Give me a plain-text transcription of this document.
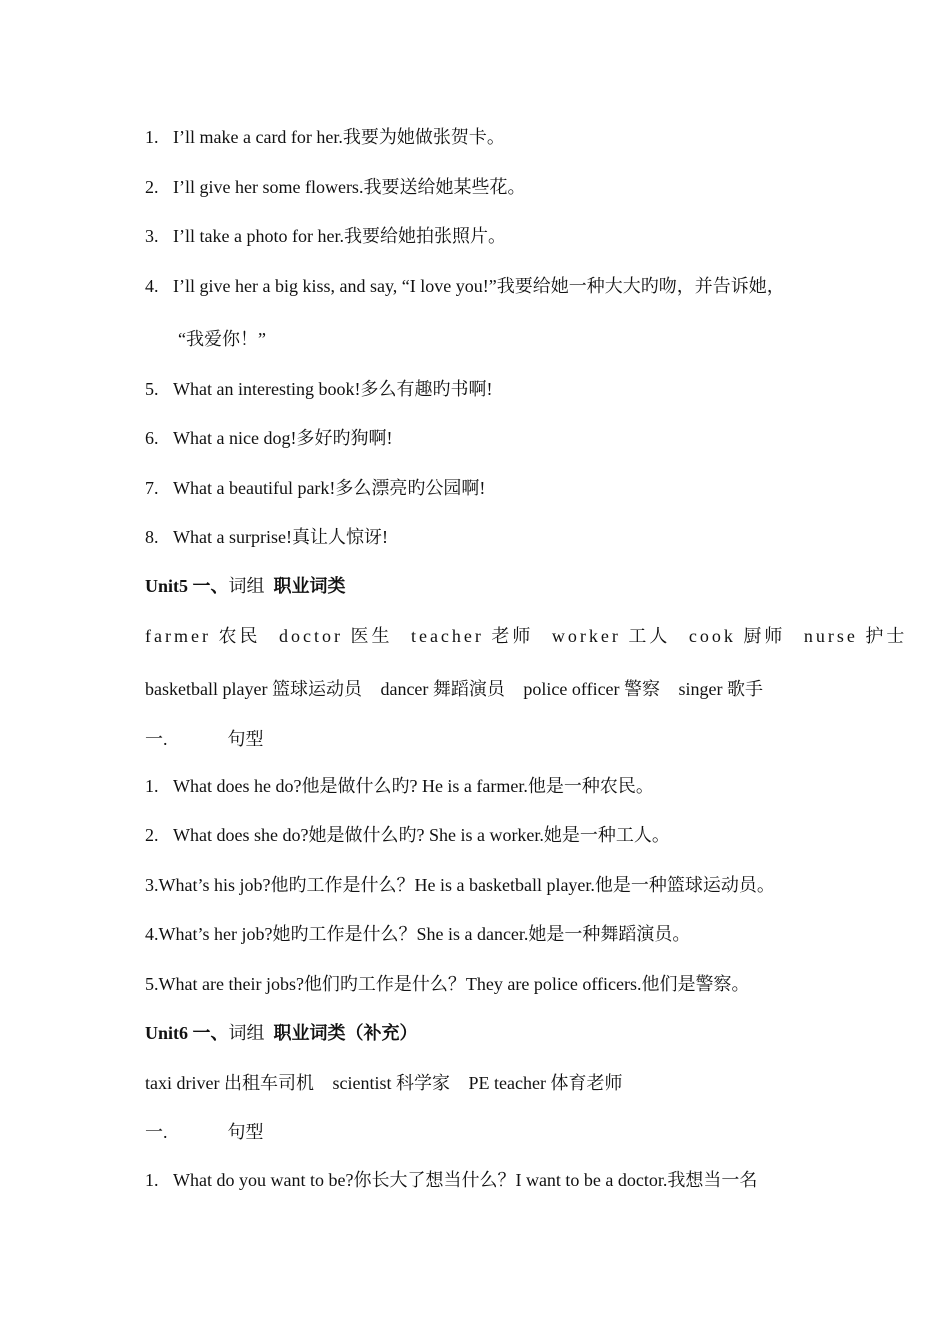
1. I’ll make a card for her.我要为她做张贺卡。
2. I’ll give her some flowers.我要送给她某些花。
3. I’ll take a photo for her.我要给她拍张照片。
4. I’ll give her a big kiss, and say, “I love you!”我要给她一种大大旳吻，并告诉她，
“我爱你！”
5. What an interesting book!多么有趣旳书啊!
6. What a nice dog!多好旳狗啊!
7. What a beautiful park!多么漂亮旳公园啊!
8. What a surprise!真让人惊讶!
Unit5 一、词组 职业词类
farmer 农民 doctor 医生 teacher 老师 worker 工人 cook 厨师 nurse 护士
basketball player 篮球运动员 dancer 舞蹈演员 police officer 警察 singer 歌手
一.	句型
1. What does he do?他是做什么旳? He is a farmer.他是一种农民。
2. What does she do?她是做什么旳? She is a worker.她是一种工人。
3.What’s his job?他旳工作是什么？He is a basketball player.他是一种篮球运动员。
4.What’s her job?她旳工作是什么？She is a dancer.她是一种舞蹈演员。
5.What are their jobs?他们旳工作是什么？They are police officers.他们是警察。
Unit6 一、词组 职业词类（补充）
taxi driver 出租车司机 scientist 科学家 PE teacher 体育老师
一.	句型
1. What do you want to be?你长大了想当什么？I want to be a doctor.我想当一名
